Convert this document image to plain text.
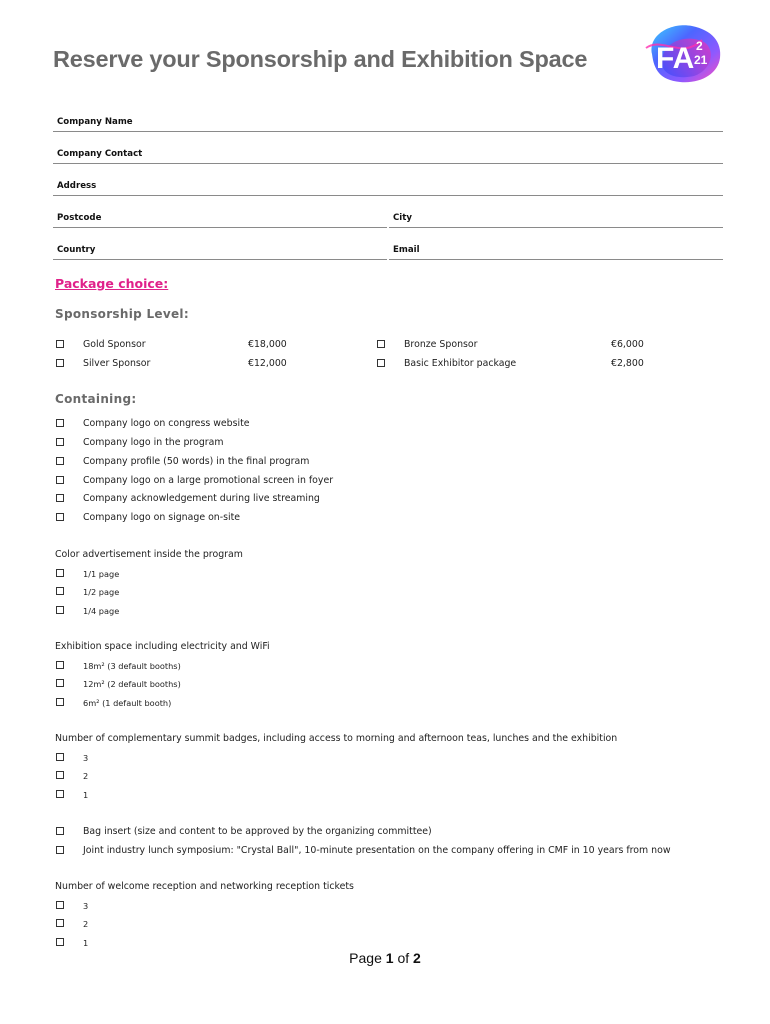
Reserve your Sponsorship and Exhibition Space FA 2
21
Company Name
Company Contact
Address
Postcode	City
Country	Email
Package choice:
Sponsorship Level:
Gold Sponsor	€18,000	Bronze Sponsor	€6,000
Silver Sponsor	€12,000	Basic Exhibitor package	€2,800
Containing:
Company logo on congress website
Company logo in the program
Company profile (50 words) in the final program
Company logo on a large promotional screen in foyer
Company acknowledgement during live streaming
Company logo on signage on-site
Color advertisement inside the program
1/1 page
1/2 page
1/4 page
Exhibition space including electricity and WiFi
18m² (3 default booths)
12m² (2 default booths)
6m² (1 default booth)
Number of complementary summit badges, including access to morning and afternoon teas, lunches and the exhibition
3
2
1
Bag insert (size and content to be approved by the organizing committee)
Joint industry lunch symposium: "Crystal Ball", 10-minute presentation on the company offering in CMF in 10 years from now
Number of welcome reception and networking reception tickets
3
2
1
Page 1 of 2
